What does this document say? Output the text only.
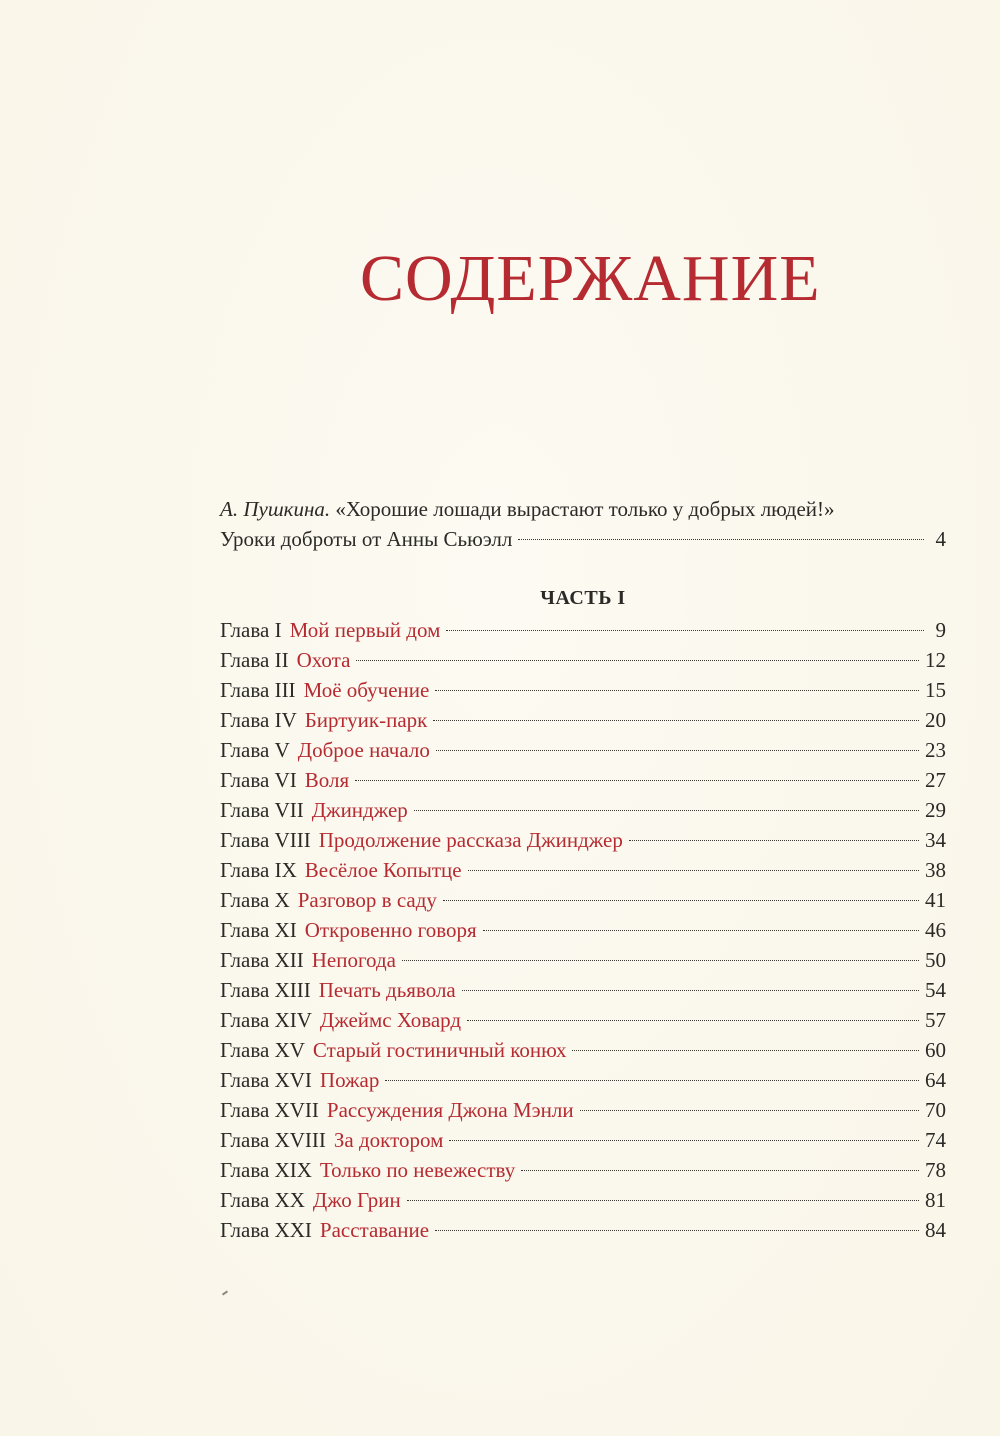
СОДЕРЖАНИЕ
А. Пушкина. «Хорошие лошади вырастают только у добрых людей!»
Уроки доброты от Анны Сьюэлл	4
ЧАСТЬ I
Глава I Мой первый дом	9
Глава II Охота	12
Глава III Моё обучение	15
Глава IV Биртуик-парк	20
Глава V Доброе начало	23
Глава VI Воля	27
Глава VII Джинджер	29
Глава VIII Продолжение рассказа Джинджер	34
Глава IX Весёлое Копытце	38
Глава X Разговор в саду	41
Глава XI Откровенно говоря	46
Глава XII Непогода	50
Глава XIII Печать дьявола	54
Глава XIV Джеймс Ховард	57
Глава XV Старый гостиничный конюх	60
Глава XVI Пожар	64
Глава XVII Рассуждения Джона Мэнли	70
Глава XVIII За доктором	74
Глава XIX Только по невежеству	78
Глава XX Джо Грин	81
Глава XXI Расставание	84
